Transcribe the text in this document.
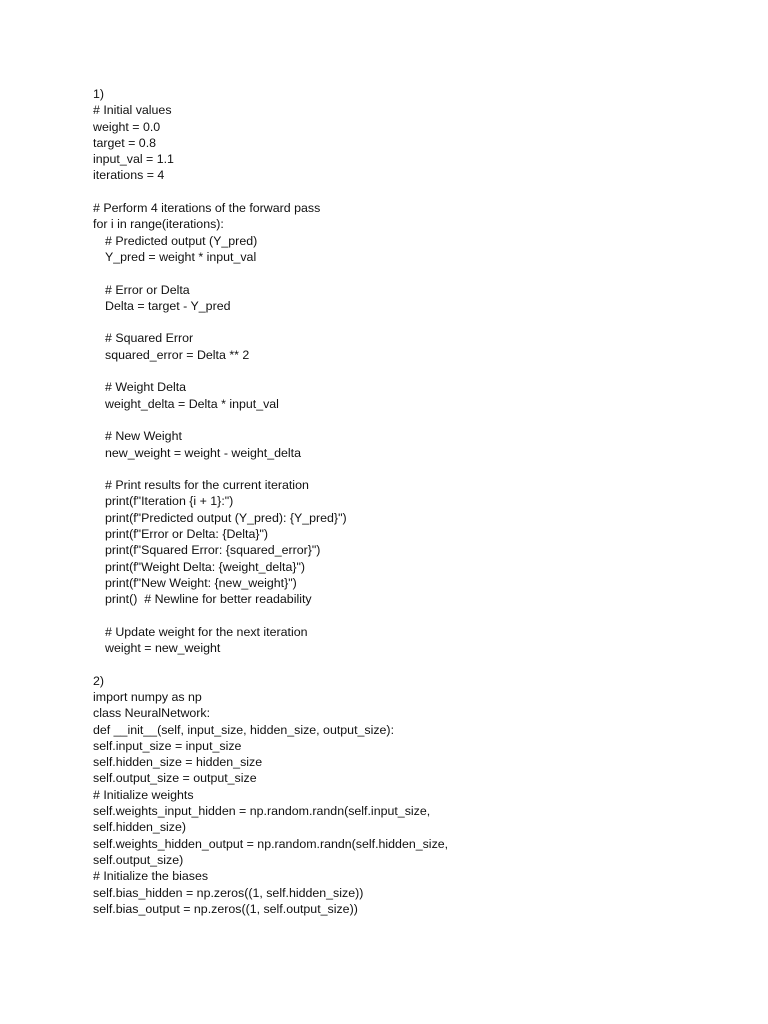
1)
# Initial values
weight = 0.0
target = 0.8
input_val = 1.1
iterations = 4
# Perform 4 iterations of the forward pass
for i in range(iterations):
# Predicted output (Y_pred)
Y_pred = weight * input_val
# Error or Delta
Delta = target - Y_pred
# Squared Error
squared_error = Delta ** 2
# Weight Delta
weight_delta = Delta * input_val
# New Weight
new_weight = weight - weight_delta
# Print results for the current iteration
print(f"Iteration {i + 1}:")
print(f"Predicted output (Y_pred): {Y_pred}")
print(f"Error or Delta: {Delta}")
print(f"Squared Error: {squared_error}")
print(f"Weight Delta: {weight_delta}")
print(f"New Weight: {new_weight}")
print()  # Newline for better readability
# Update weight for the next iteration
weight = new_weight
2)
import numpy as np
class NeuralNetwork:
def __init__(self, input_size, hidden_size, output_size):
self.input_size = input_size
self.hidden_size = hidden_size
self.output_size = output_size
# Initialize weights
self.weights_input_hidden = np.random.randn(self.input_size,
self.hidden_size)
self.weights_hidden_output = np.random.randn(self.hidden_size,
self.output_size)
# Initialize the biases
self.bias_hidden = np.zeros((1, self.hidden_size))
self.bias_output = np.zeros((1, self.output_size))
